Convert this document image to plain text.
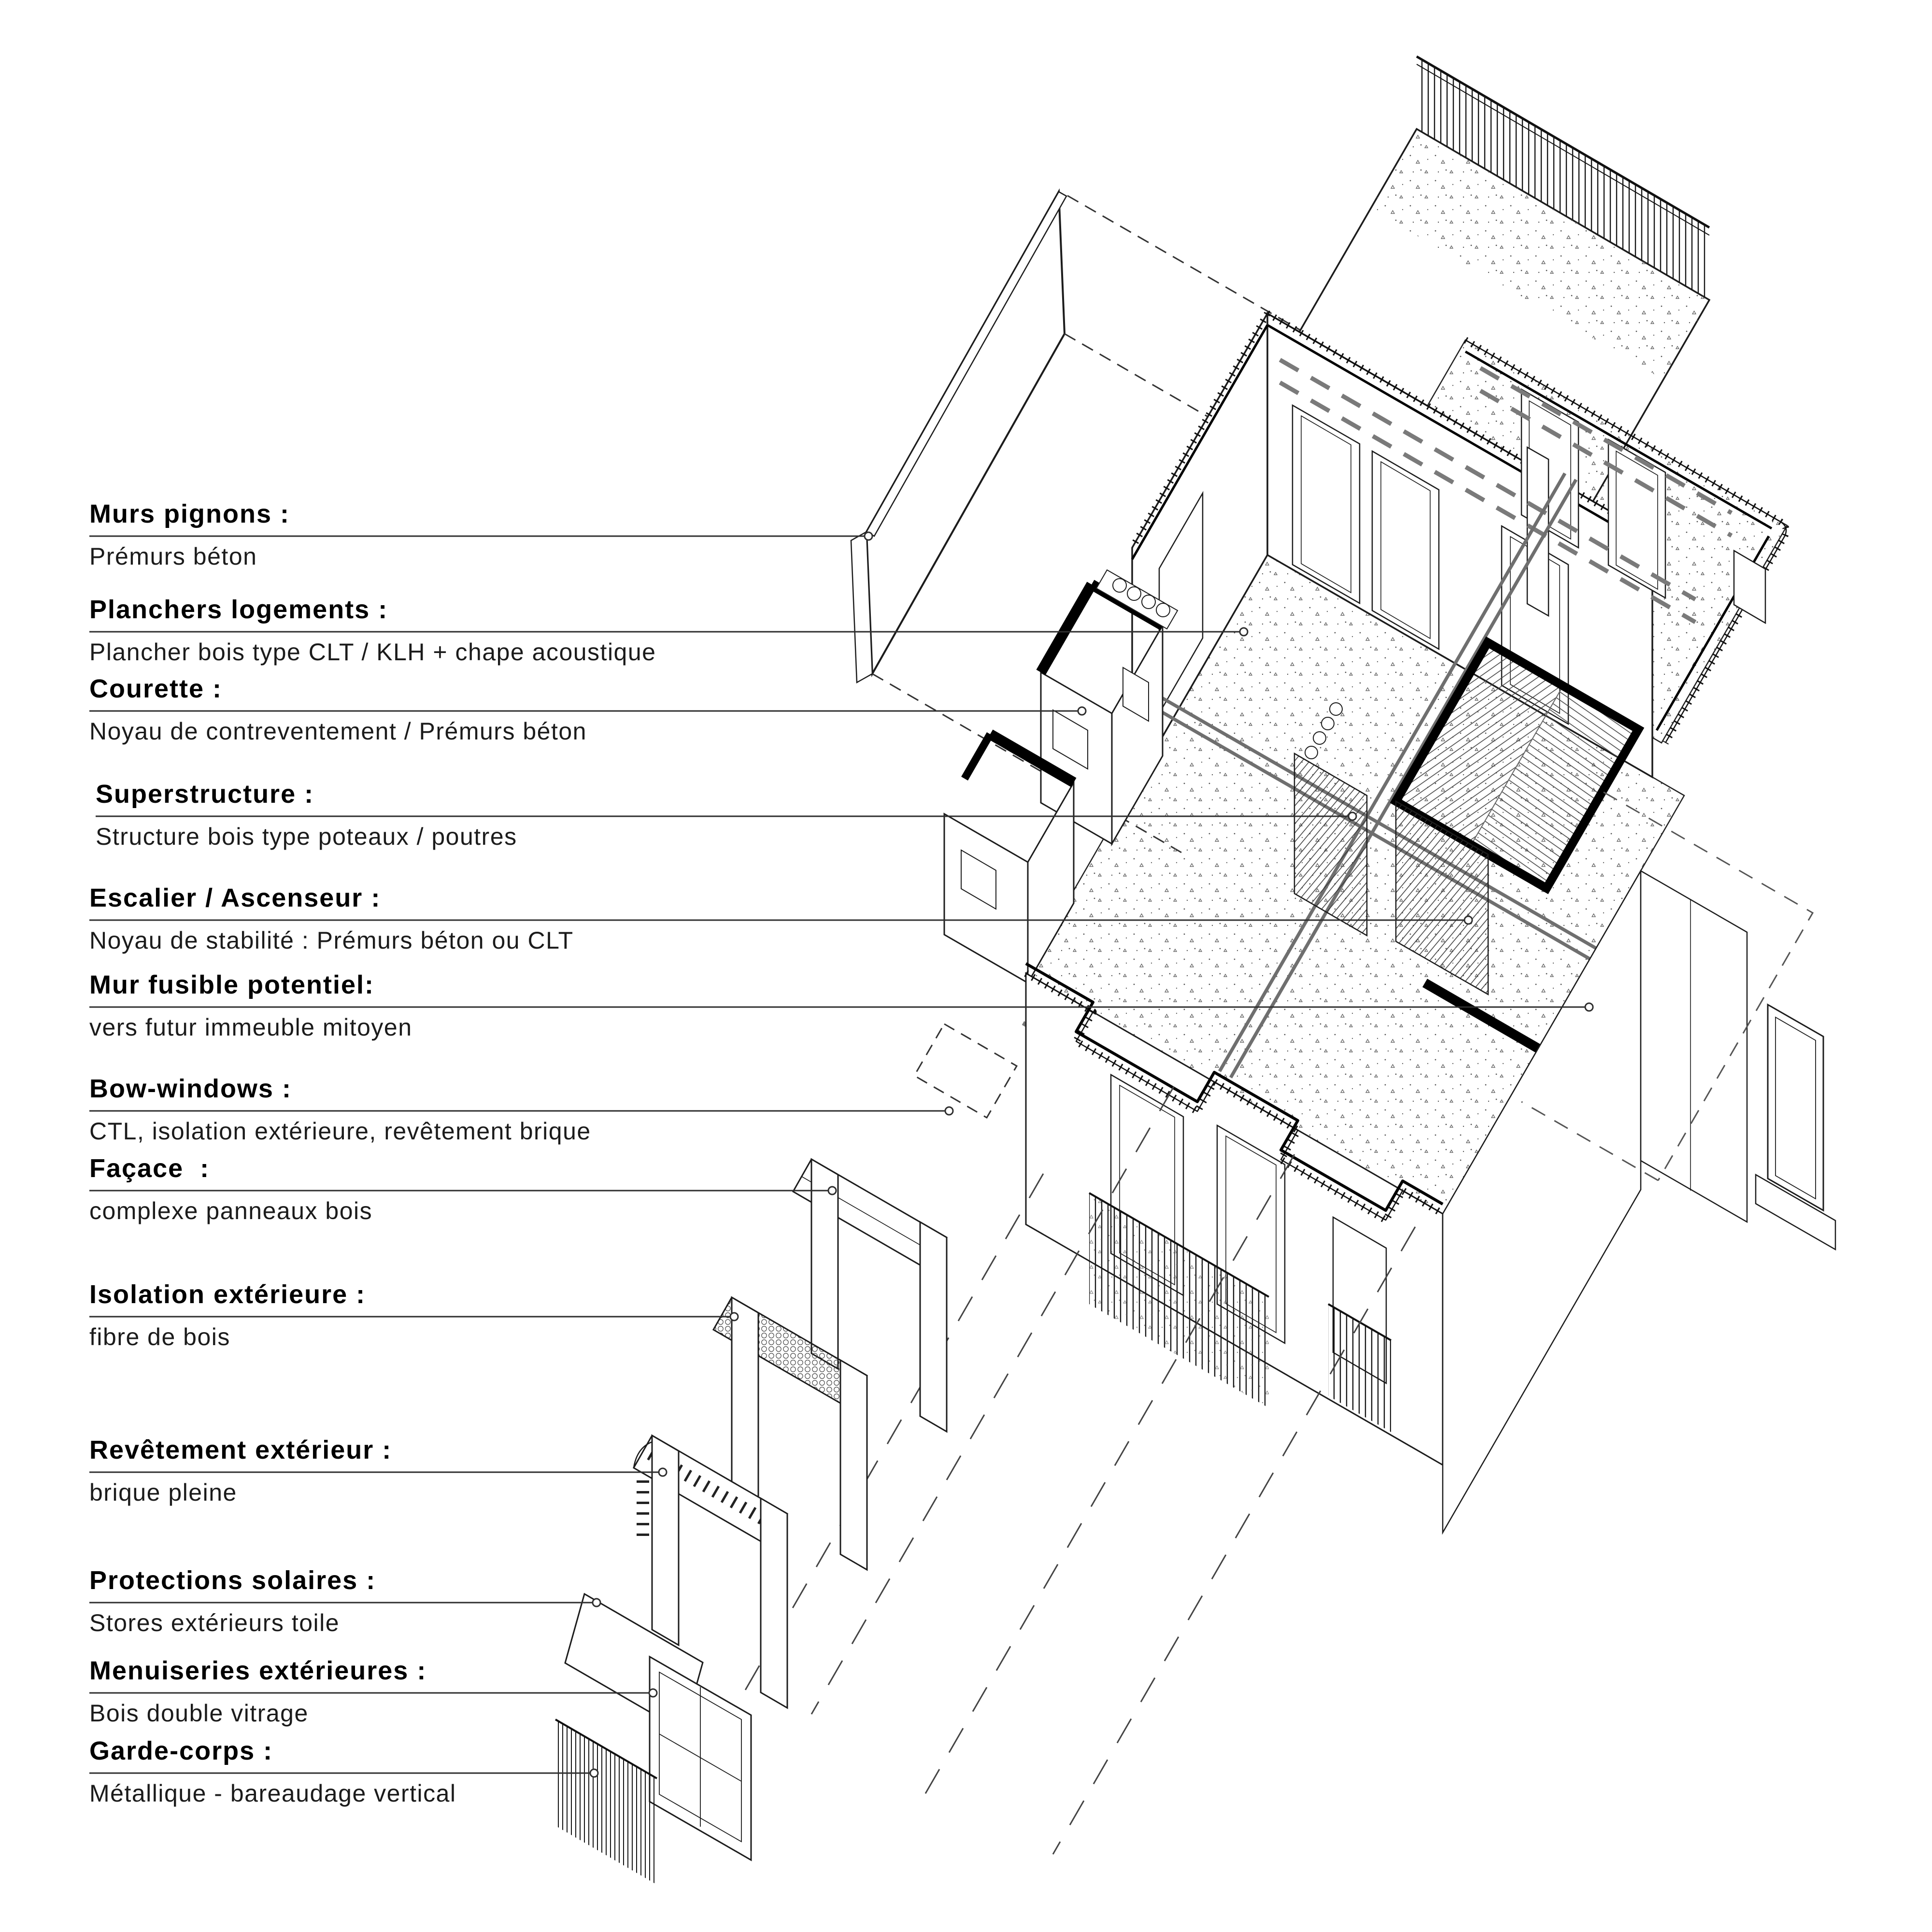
Murs pignons :
Prémurs béton
Planchers logements :
Plancher bois type CLT / KLH + chape acoustique
Courette :
Noyau de contreventement / Prémurs béton
Superstructure :
Structure bois type poteaux / poutres
Escalier / Ascenseur :
Noyau de stabilité : Prémurs béton ou CLT
Mur fusible potentiel:
vers futur immeuble mitoyen
Bow-windows :
CTL, isolation extérieure, revêtement brique
Façace  :
complexe panneaux bois
Isolation extérieure :
fibre de bois
Revêtement extérieur :
brique pleine
Protections solaires :
Stores extérieurs toile
Menuiseries extérieures :
Bois double vitrage
Garde-corps :
Métallique - bareaudage vertical
